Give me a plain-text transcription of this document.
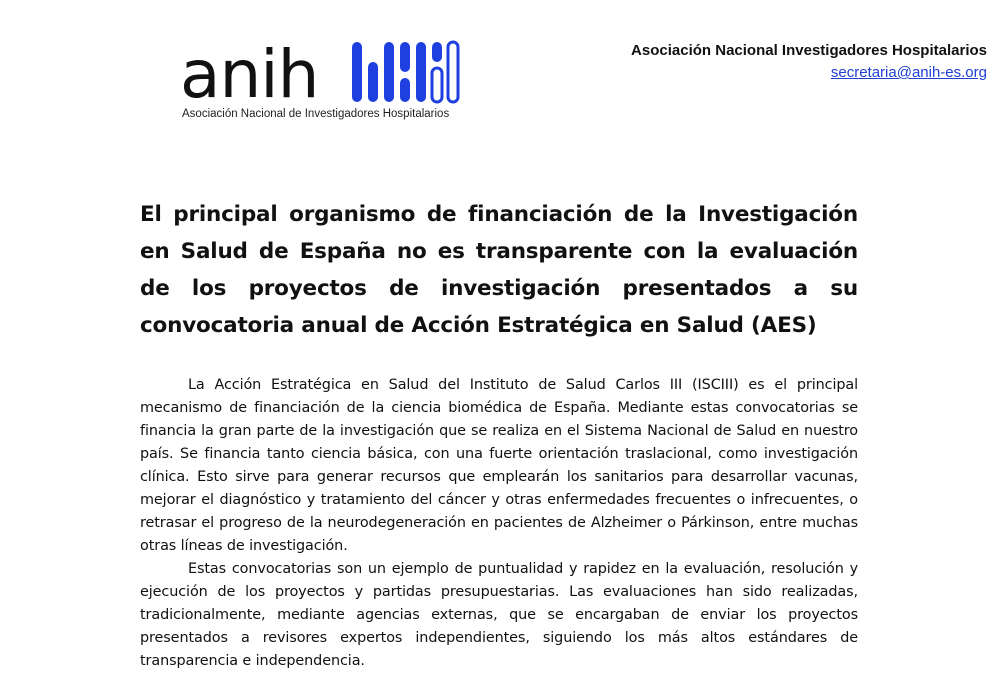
anih
Asociación Nacional de Investigadores Hospitalarios
Asociación Nacional Investigadores Hospitalarios
secretaria@anih-es.org
El principal organismo de financiación de la Investigación en Salud de España no es transparente con la evaluación de los proyectos de investigación presentados a su convocatoria anual de Acción Estratégica en Salud (AES)

La Acción Estratégica en Salud del Instituto de Salud Carlos III (ISCIII) es el principal mecanismo de financiación de la ciencia biomédica de España. Mediante estas convocatorias se financia la gran parte de la investigación que se realiza en el Sistema Nacional de Salud en nuestro país. Se financia tanto ciencia básica, con una fuerte orientación traslacional, como investigación clínica. Esto sirve para generar recursos que emplearán los sanitarios para desarrollar vacunas, mejorar el diagnóstico y tratamiento del cáncer y otras enfermedades frecuentes o infrecuentes, o retrasar el progreso de la neurodegeneración en pacientes de Alzheimer o Párkinson, entre muchas otras líneas de investigación.

Estas convocatorias son un ejemplo de puntualidad y rapidez en la evaluación, resolución y ejecución de los proyectos y partidas presupuestarias. Las evaluaciones han sido realizadas, tradicionalmente, mediante agencias externas, que se encargaban de enviar los proyectos presentados a revisores expertos independientes, siguiendo los más altos estándares de transparencia e independencia.
